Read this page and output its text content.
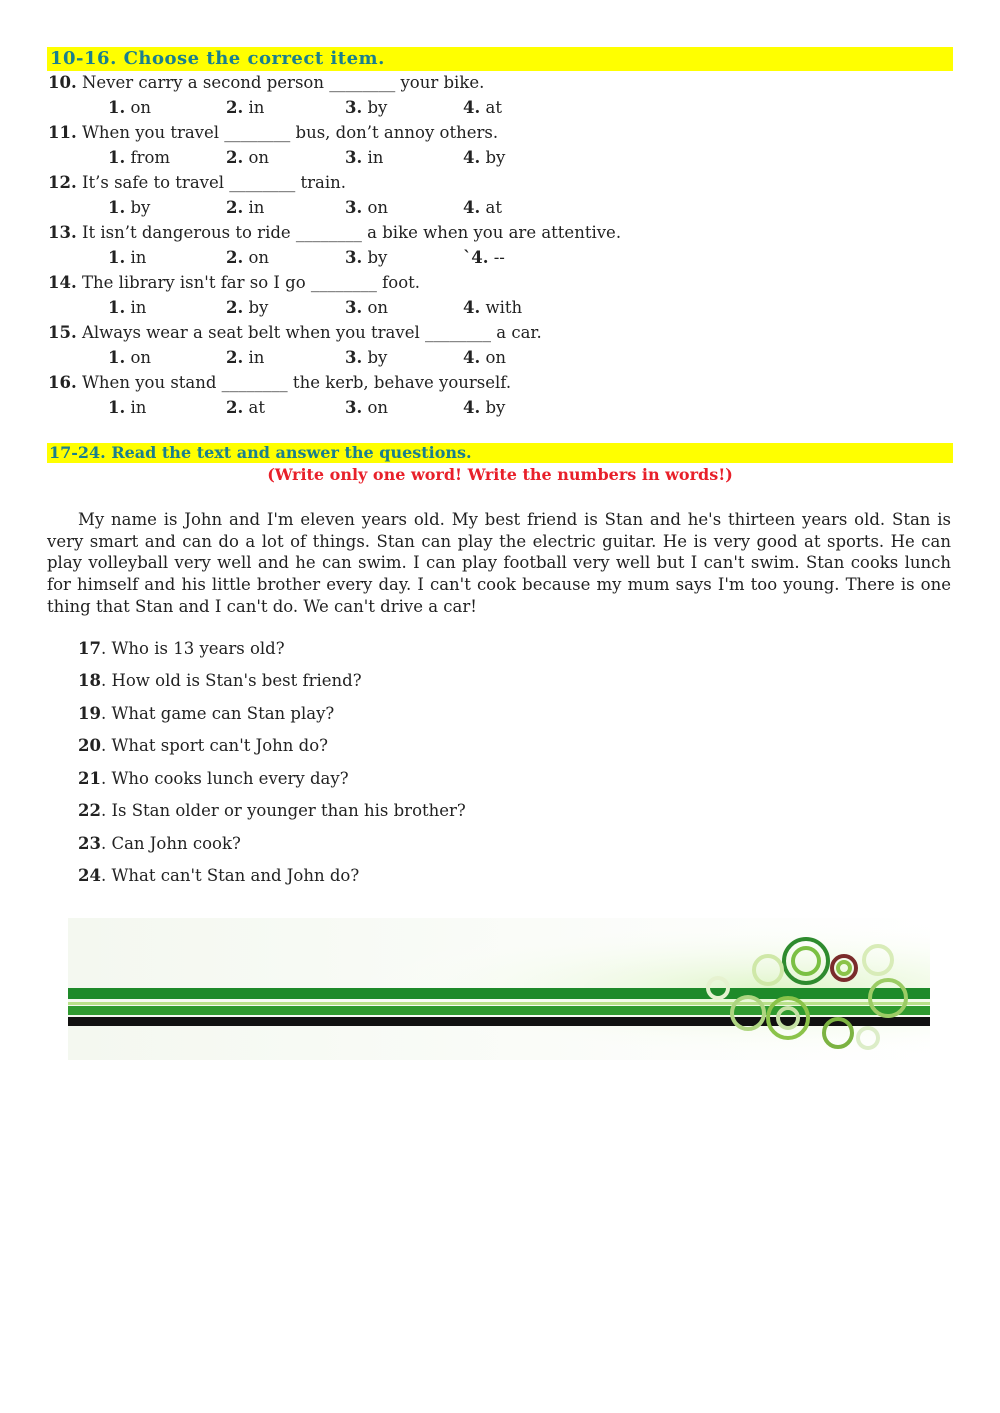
10-16. Choose the correct item.
10. Never carry a second person ________ your bike.
1. on	2. in	3. by	4. at
11. When you travel ________ bus, don’t annoy others.
1. from	2. on	3. in	4. by
12. It’s safe to travel ________ train.
1. by	2. in	3. on	4. at
13. It isn’t dangerous to ride ________ a bike when you are attentive.
1. in	2. on	3. by	`4. --
14. The library isn't far so I go ________ foot.
1. in	2. by	3. on	4. with
15. Always wear a seat belt when you travel ________ a car.
1. on	2. in	3. by	4. on
16. When you stand ________ the kerb, behave yourself.
1. in	2. at	3. on	4. by
17-24. Read the text and answer the questions.
(Write only one word! Write the numbers in words!)

My name is John and I'm eleven years old. My best friend is Stan and he's thirteen years old. Stan is very smart and can do a lot of things. Stan can play the electric guitar. He is very good at sports. He can play volleyball very well and he can swim. I can play football very well but I can't swim. Stan cooks lunch for himself and his little brother every day. I can't cook because my mum says I'm too young. There is one thing that Stan and I can't do. We can't drive a car!

17. Who is 13 years old?
18. How old is Stan's best friend?
19. What game can Stan play?
20. What sport can't John do?
21. Who cooks lunch every day?
22. Is Stan older or younger than his brother?
23. Can John cook?
24. What can't Stan and John do?
